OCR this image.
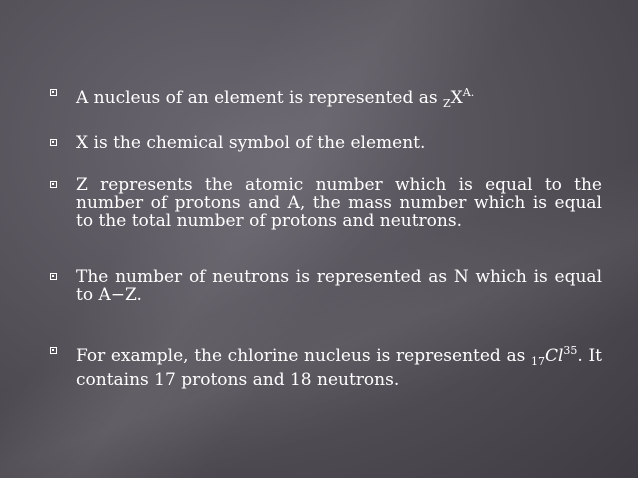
A nucleus of an element is represented as $_ZX^{A.}$
X is the chemical symbol of the element.
Z represents the atomic number which is equal to the number of protons and A, the mass number which is equal to the total number of protons and neutrons.
The number of neutrons is represented as N which is equal to A−Z.
For example, the chlorine nucleus is represented as $_{17}Cl^{35}$. It contains 17 protons and 18 neutrons.
